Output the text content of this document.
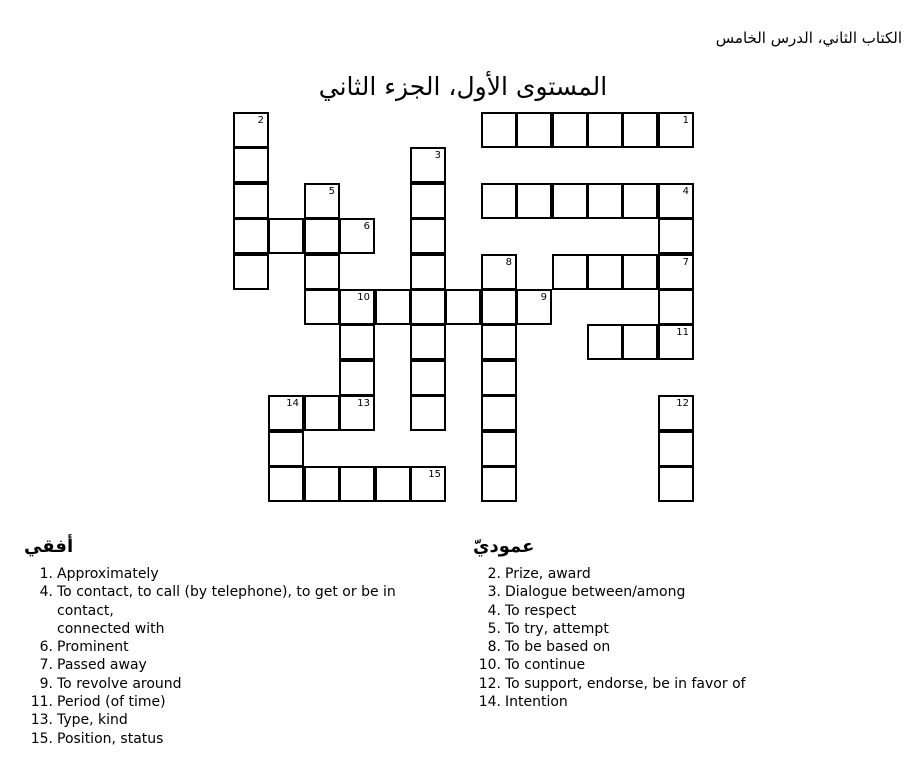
الكتاب الثاني، الدرس الخامس
المستوى الأول، الجزء الثاني
2	1
3
5	4
6
8	7
10	9
11
14	13	12
15
أفقي
1. Approximately
4. To contact, to call (by telephone), to get or be in contact,
connected with
6. Prominent
7. Passed away
9. To revolve around
11. Period (of time)
13. Type, kind
15. Position, status
عموديّ
2. Prize, award
3. Dialogue between/among
4. To respect
5. To try, attempt
8. To be based on
10. To continue
12. To support, endorse, be in favor of
14. Intention
